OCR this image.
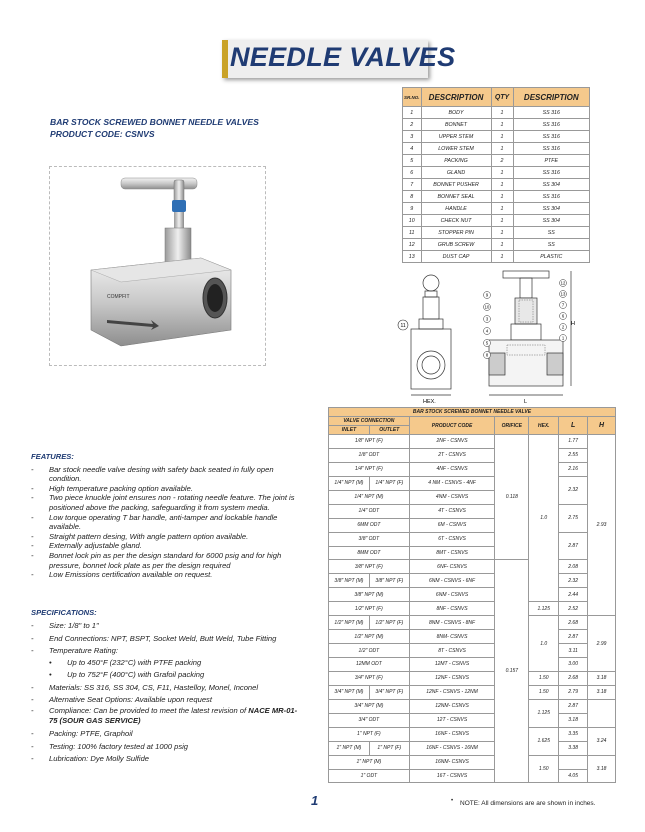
NEEDLE VALVES
BAR STOCK SCREWED BONNET NEEDLE VALVES
PRODUCT CODE: CSNVS
COMPFIT
SR.NO.	DESCRIPTION	QTY	DESCRIPTION
1	BODY	1	SS 316
2	BONNET	1	SS 316
3	UPPER STEM	1	SS 316
4	LOWER STEM	1	SS 316
5	PACKING	2	PTFE
6	GLAND	1	SS 316
7	BONNET PUSHER	1	SS 304
8	BONNET SEAL	1	SS 316
9	HANDLE	1	SS 304
10	CHECK NUT	1	SS 304
11	STOPPER PIN	1	SS
12	GRUB SCREW	1	SS
13	DUST CAP	1	PLASTIC
11
HEX.
H
L
9
10
3
4
5
8
12
13
7
6
2
1
BAR STOCK SCREWED BONNET NEEDLE VALVE						
VALVE CONNECTION		PRODUCT CODE	ORIFICE	HEX.	L	H
INLET	OUTLET					
1/8" NPT (F)		2NF - CSNVS	0.118	1.0	1.77	2.93
1/8" ODT		2T - CSNVS			2.55	
1/4" NPT (F)		4NF - CSNVS			2.16	
1/4" NPT (M)	1/4" NPT (F)	4 NM - CSNVS - 4NF			2.32	
1/4" NPT (M)		4NM - CSNVS				
1/4" ODT		4T - CSNVS			2.75	
6MM ODT		6M - CSNVS				
3/8" ODT		6T - CSNVS			2.87	
8MM ODT		8MT - CSNVS				
3/8" NPT (F)		6NF- CSNVS	0.157		2.08	
3/8" NPT (M)	3/8" NPT (F)	6NM - CSNVS - 6NF			2.32	
3/8" NPT (M)		6NM - CSNVS			2.44	
1/2" NPT (F)		8NF - CSNVS		1.125	2.52	
1/2" NPT (M)	1/2" NPT (F)	8NM - CSNVS - 8NF		1.0	2.68	2.99
1/2" NPT (M)		8NM- CSNVS			2.87	
1/2" ODT		8T - CSNVS			3.11	
12MM ODT		12MT - CSNVS			3.00	
3/4" NPT (F)		12NF - CSNVS		1.50	2.68	3.18
3/4" NPT (M)	3/4" NPT (F)	12NF - CSNVS - 12NM		1.50	2.79	3.18
3/4" NPT (M)		12NM- CSNVS		1.125	2.87	
3/4" ODT		12T - CSNVS			3.18	
1" NPT (F)		16NF - CSNVS		1.625	3.35	3.24
1" NPT (M)	1" NPT (F)	16NF - CSNVS - 16NM			3.38	
1" NPT (M)		16NM- CSNVS		1.50		3.18
1" ODT		16T - CSNVS			4.05	
FEATURES:
- Bar stock needle valve desing with safety back seated in fully open condition.
- High temperature packing option available.
- Two piece knuckle joint ensures non - rotating needle feature. The joint is positioned above the packing, safeguarding it from system media.
- Low torque operating T bar handle, anti-tamper and lockable handle available.
- Straight pattern desing, With angle pattern option available.
- Externally adjustable gland.
- Bonnet lock pin as per the design standard for 6000 psig and for high pressure, bonnet lock plate as per the design required
- Low Emissions certification available on request.
SPECIFICATIONS:
- Size: 1/8" to 1"
- End Connections: NPT, BSPT, Socket Weld, Butt Weld, Tube Fitting
- Temperature Rating:
• Up to 450°F (232°C) with PTFE packing
• Up to 752°F (400°C) with Grafoil packing
- Materials: SS 316, SS 304, CS, F11, Hastelloy, Monel, Inconel
- Alternative Seat Options: Available upon request
- Compliance: Can be provided to meet the latest revision of NACE MR-01-75 (SOUR GAS SERVICE)
- Packing: PTFE, Graphoil
- Testing: 100% factory tested at 1000 psig
- Lubrication: Dye Molly Sulfide
1	• NOTE: All dimensions are are shown in inches.
